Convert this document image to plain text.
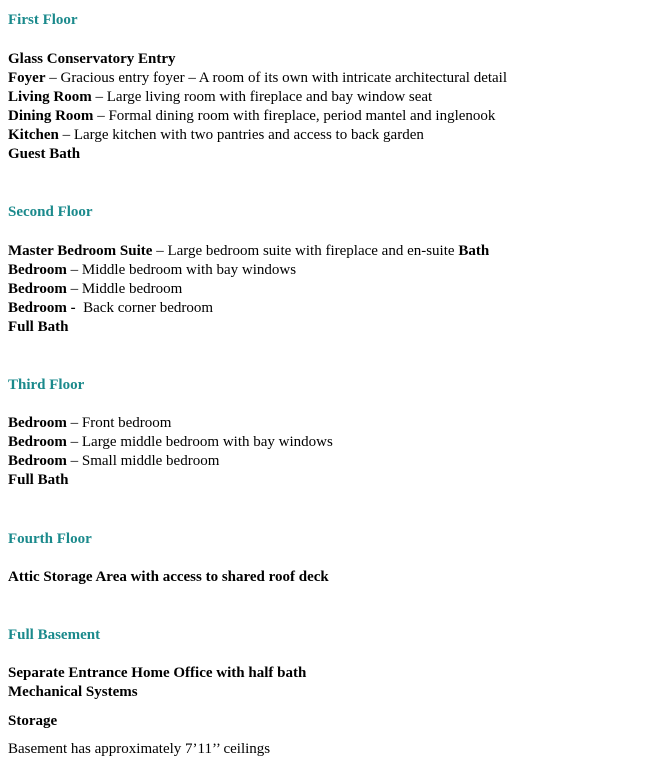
First Floor
Glass Conservatory Entry
Foyer – Gracious entry foyer – A room of its own with intricate architectural detail
Living Room – Large living room with fireplace and bay window seat
Dining Room – Formal dining room with fireplace, period mantel and inglenook
Kitchen – Large kitchen with two pantries and access to back garden
Guest Bath
Second Floor
Master Bedroom Suite – Large bedroom suite with fireplace and en-suite Bath
Bedroom – Middle bedroom with bay windows
Bedroom – Middle bedroom
Bedroom -  Back corner bedroom
Full Bath
Third Floor
Bedroom – Front bedroom
Bedroom – Large middle bedroom with bay windows
Bedroom – Small middle bedroom
Full Bath
Fourth Floor
Attic Storage Area with access to shared roof deck
Full Basement
Separate Entrance Home Office with half bath
Mechanical Systems
Storage
Basement has approximately 7’11’’ ceilings
